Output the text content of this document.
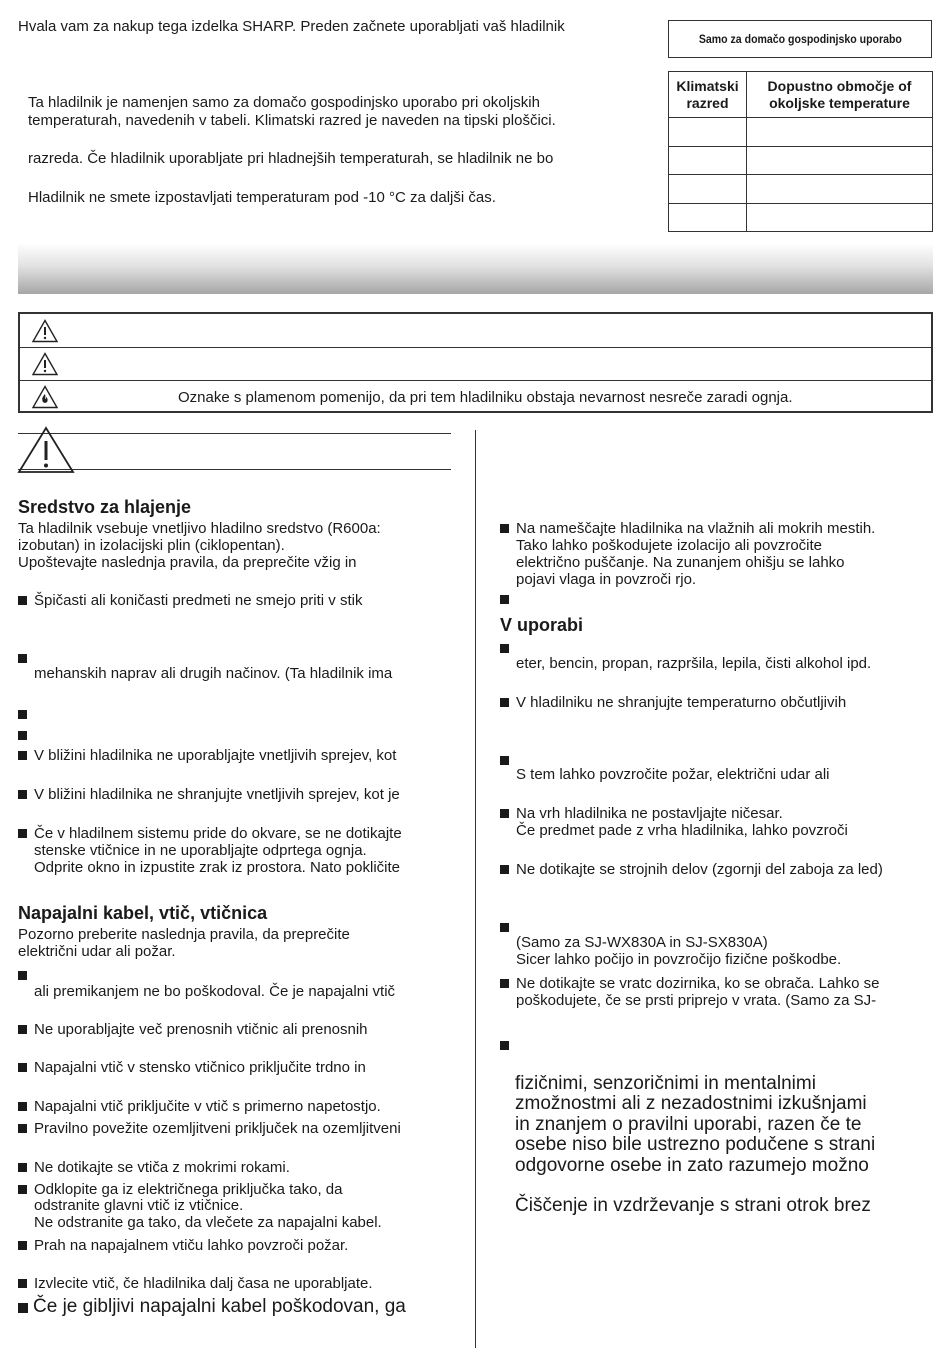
Hvala vam za nakup tega izdelka SHARP. Preden začnete uporabljati vaš hladilnik
Ta hladilnik je namenjen samo za domačo gospodinjsko uporabo pri okoljskih
temperaturah, navedenih v tabeli. Klimatski razred je naveden na tipski ploščici.
razreda. Če hladilnik uporabljate pri hladnejših temperaturah, se hladilnik ne bo
Hladilnik ne smete izpostavljati temperaturam pod -10 °C za daljši čas.
Samo za domačo gospodinjsko uporabo
Klimatski
razred	Dopustno območje of
okoljske temperature

Oznake s plamenom pomenijo, da pri tem hladilniku obstaja nevarnost nesreče zaradi ognja.
Sredstvo za hlajenje
Ta hladilnik vsebuje vnetljivo hladilno sredstvo (R600a:
izobutan) in izolacijski plin (ciklopentan).
Upoštevajte naslednja pravila, da preprečite vžig in
Špičasti ali koničasti predmeti ne smejo priti v stik
mehanskih naprav ali drugih načinov. (Ta hladilnik ima
V bližini hladilnika ne uporabljajte vnetljivih sprejev, kot
V bližini hladilnika ne shranjujte vnetljivih sprejev, kot je
Če v hladilnem sistemu pride do okvare, se ne dotikajte
stenske vtičnice in ne uporabljajte odprtega ognja.
Odprite okno in izpustite zrak iz prostora. Nato pokličite
Napajalni kabel, vtič, vtičnica
Pozorno preberite naslednja pravila, da preprečite
električni udar ali požar.
ali premikanjem ne bo poškodoval. Če je napajalni vtič
Ne uporabljajte več prenosnih vtičnic ali prenosnih
Napajalni vtič v stensko vtičnico priključite trdno in
Napajalni vtič priključite v vtič s primerno napetostjo.
Pravilno povežite ozemljitveni priključek na ozemljitveni
Ne dotikajte se vtiča z mokrimi rokami.
Odklopite ga iz električnega priključka tako, da
odstranite glavni vtič iz vtičnice.
Ne odstranite ga tako, da vlečete za napajalni kabel.
Prah na napajalnem vtiču lahko povzroči požar.
Izvlecite vtič, če hladilnika dalj časa ne uporabljate.
Če je gibljivi napajalni kabel poškodovan, ga
Na nameščajte hladilnika na vlažnih ali mokrih mestih.
Tako lahko poškodujete izolacijo ali povzročite
električno puščanje. Na zunanjem ohišju se lahko
pojavi vlaga in povzroči rjo.
V uporabi
eter, bencin, propan, razpršila, lepila, čisti alkohol ipd.
V hladilniku ne shranjujte temperaturno občutljivih
S tem lahko povzročite požar, električni udar ali
Na vrh hladilnika ne postavljajte ničesar.
Če predmet pade z vrha hladilnika, lahko povzroči
Ne dotikajte se strojnih delov (zgornji del zaboja za led)
(Samo za SJ-WX830A in SJ-SX830A)
Sicer lahko počijo in povzročijo fizične poškodbe.
Ne dotikajte se vratc dozirnika, ko se obrača. Lahko se
poškodujete, če se prsti priprejo v vrata. (Samo za SJ-
fizičnimi, senzoričnimi in mentalnimi
zmožnostmi ali z nezadostnimi izkušnjami
in znanjem o pravilni uporabi, razen če te
osebe niso bile ustrezno podučene s strani
odgovorne osebe in zato razumejo možno
Čiščenje in vzdrževanje s strani otrok brez
